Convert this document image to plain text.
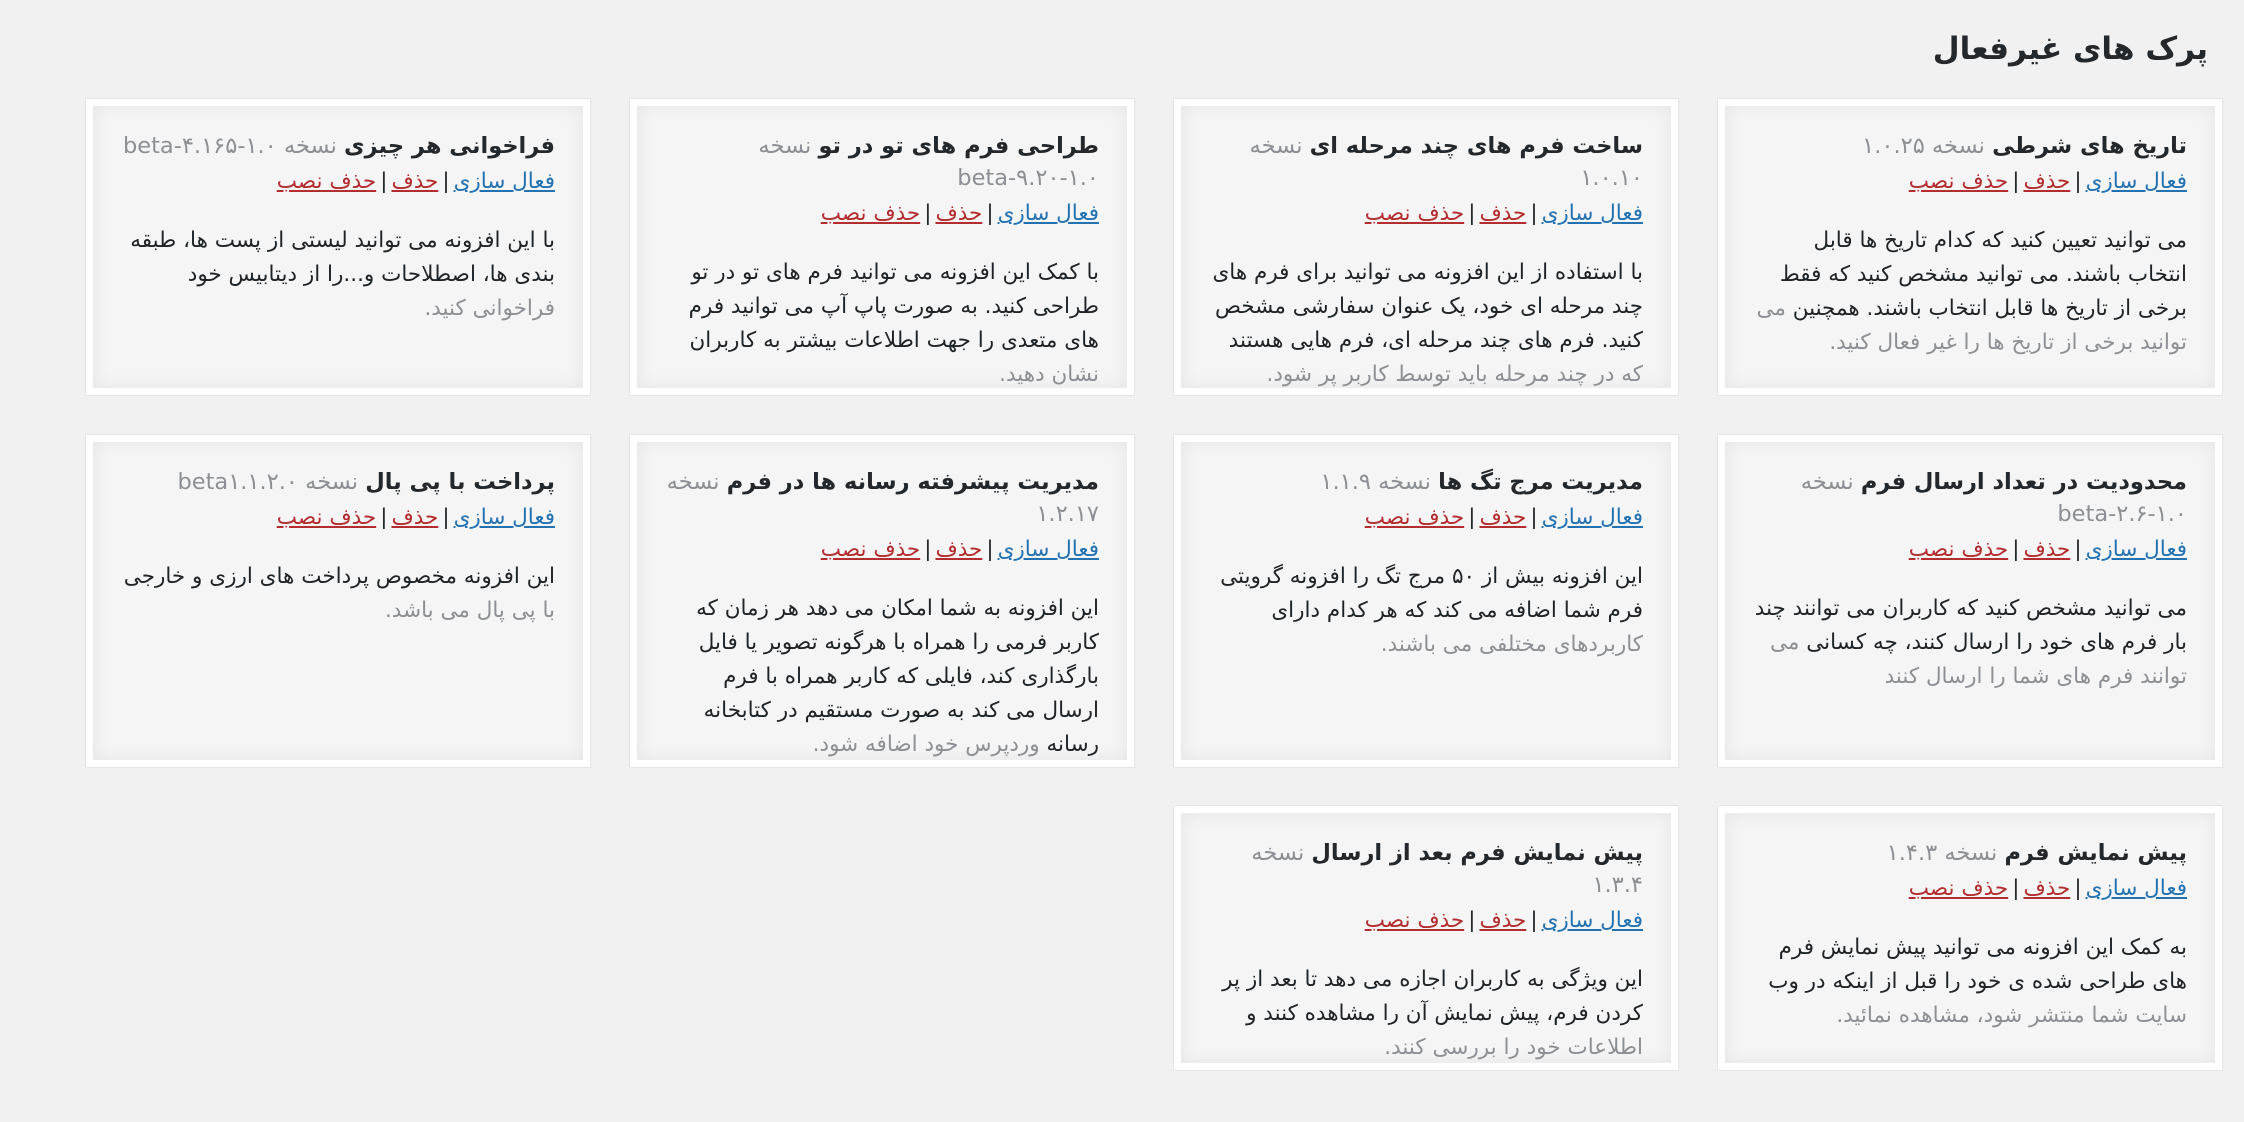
پرک های غیرفعال
تاریخ های شرطی نسخه ۱.۰.۲۵
فعال سازی|حذف|حذف نصب
می توانید تعیین کنید که کدام تاریخ ها قابل انتخاب باشند. می توانید مشخص کنید که فقط برخی از تاریخ ها قابل انتخاب باشند. همچنین می توانید برخی از تاریخ ها را غیر فعال کنید.
ساخت فرم های چند مرحله ای نسخه ۱.۰.۱۰
فعال سازی|حذف|حذف نصب
با استفاده از این افزونه می توانید برای فرم های چند مرحله ای خود، یک عنوان سفارشی مشخص کنید. فرم های چند مرحله ای، فرم هایی هستند که در چند مرحله باید توسط کاربر پر شود.
طراحی فرم های تو در تو نسخه beta-۹.۲۰-۱.۰
فعال سازی|حذف|حذف نصب
با کمک این افزونه می توانید فرم های تو در تو طراحی کنید. به صورت پاپ آپ می توانید فرم های متعدی را جهت اطلاعات بیشتر به کاربران نشان دهید.
فراخوانی هر چیزی نسخه beta-۴.۱۶۵-۱.۰
فعال سازی|حذف|حذف نصب
با این افزونه می توانید لیستی از پست ها، طبقه بندی ها، اصطلاحات و...را از دیتابیس خود فراخوانی کنید.
محدودیت در تعداد ارسال فرم نسخه beta-۲.۶-۱.۰
فعال سازی|حذف|حذف نصب
می توانید مشخص کنید که کاربران می توانند چند بار فرم های خود را ارسال کنند، چه کسانی می توانند فرم های شما را ارسال کنند
مدیریت مرج تگ ها نسخه ۱.۱.۹
فعال سازی|حذف|حذف نصب
این افزونه بیش از ۵۰ مرج تگ را افزونه گرویتی فرم شما اضافه می کند که هر کدام دارای کاربردهای مختلفی می باشند.
مدیریت پیشرفته رسانه ها در فرم نسخه ۱.۲.۱۷
فعال سازی|حذف|حذف نصب
این افزونه به شما امکان می دهد هر زمان که کاربر فرمی را همراه با هرگونه تصویر یا فایل بارگذاری کند، فایلی که کاربر همراه با فرم ارسال می کند به صورت مستقیم در کتابخانه رسانه وردپرس خود اضافه شود.
پرداخت با پی پال نسخه beta۱.۱.۲.۰
فعال سازی|حذف|حذف نصب
این افزونه مخصوص پرداخت های ارزی و خارجی با پی پال می باشد.
پیش نمایش فرم نسخه ۱.۴.۳
فعال سازی|حذف|حذف نصب
به کمک این افزونه می توانید پیش نمایش فرم های طراحی شده ی خود را قبل از اینکه در وب سایت شما منتشر شود، مشاهده نمائید.
پیش نمایش فرم بعد از ارسال نسخه ۱.۳.۴
فعال سازی|حذف|حذف نصب
این ویژگی به کاربران اجازه می دهد تا بعد از پر کردن فرم، پیش نمایش آن را مشاهده کنند و اطلاعات خود را بررسی کنند.
